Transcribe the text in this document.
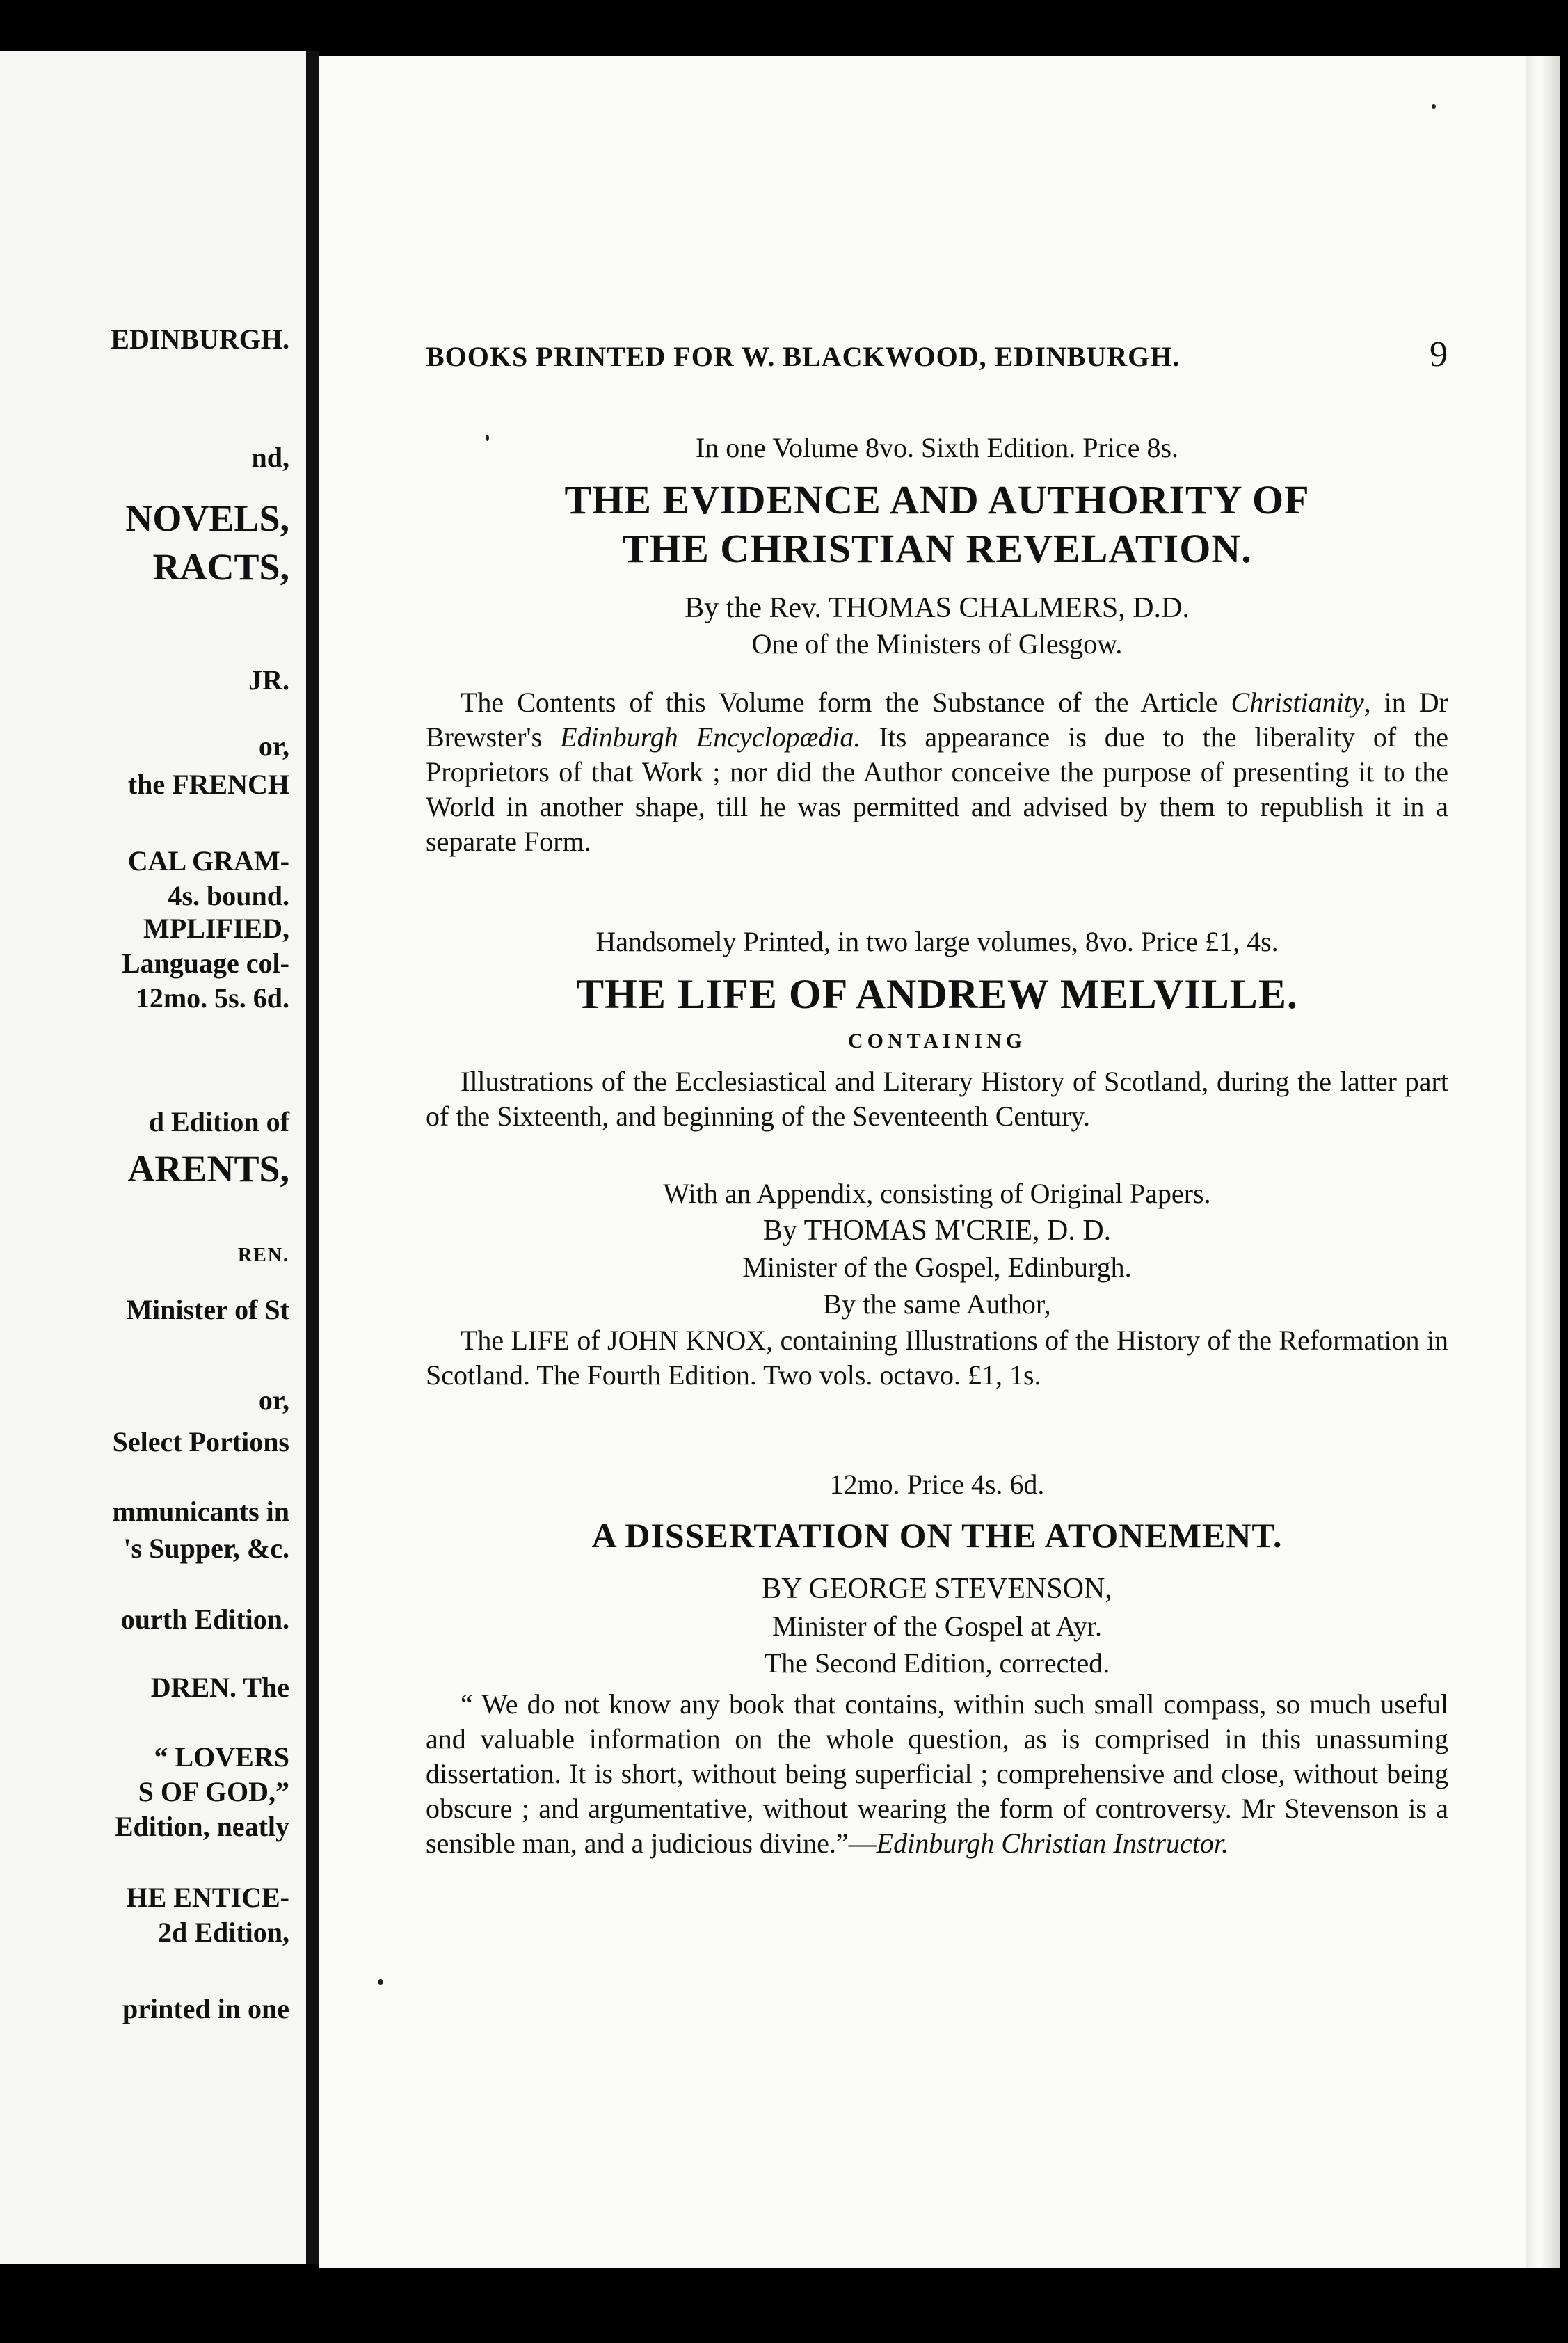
EDINBURGH.
nd,
NOVELS,
RACTS,
JR.
or,
the FRENCH
CAL GRAM-
4s. bound.
MPLIFIED,
Language col-
12mo. 5s. 6d.
d Edition of
ARENTS,
REN.
Minister of St
or,
Select Portions
mmunicants in
's Supper, &c.
ourth Edition.
DREN. The
“ LOVERS
S OF GOD,”
Edition, neatly
HE ENTICE-
2d Edition,
printed in one
BOOKS PRINTED FOR W. BLACKWOOD, EDINBURGH.	9
In one Volume 8vo. Sixth Edition. Price 8s.
THE EVIDENCE AND AUTHORITY OF
THE CHRISTIAN REVELATION.
By the Rev. THOMAS CHALMERS, D.D.
One of the Ministers of Glesgow.
The Contents of this Volume form the Substance of the Article Christianity, in Dr Brewster's Edinburgh Encyclopædia. Its appearance is due to the liberality of the Proprietors of that Work ; nor did the Author conceive the purpose of presenting it to the World in another shape, till he was permitted and advised by them to republish it in a separate Form.
Handsomely Printed, in two large volumes, 8vo. Price £1, 4s.
THE LIFE OF ANDREW MELVILLE.
CONTAINING
Illustrations of the Ecclesiastical and Literary History of Scotland, during the latter part of the Sixteenth, and beginning of the Seventeenth Century.
With an Appendix, consisting of Original Papers.
By THOMAS M'CRIE, D. D.
Minister of the Gospel, Edinburgh.
By the same Author,
The LIFE of JOHN KNOX, containing Illustrations of the History of the Reformation in Scotland. The Fourth Edition. Two vols. octavo. £1, 1s.
12mo. Price 4s. 6d.
A DISSERTATION ON THE ATONEMENT.
BY GEORGE STEVENSON,
Minister of the Gospel at Ayr.
The Second Edition, corrected.
“ We do not know any book that contains, within such small compass, so much useful and valuable information on the whole question, as is comprised in this unassuming dissertation. It is short, without being superficial ; comprehensive and close, without being obscure ; and argumentative, without wearing the form of controversy. Mr Stevenson is a sensible man, and a judicious divine.”—Edinburgh Christian Instructor.
